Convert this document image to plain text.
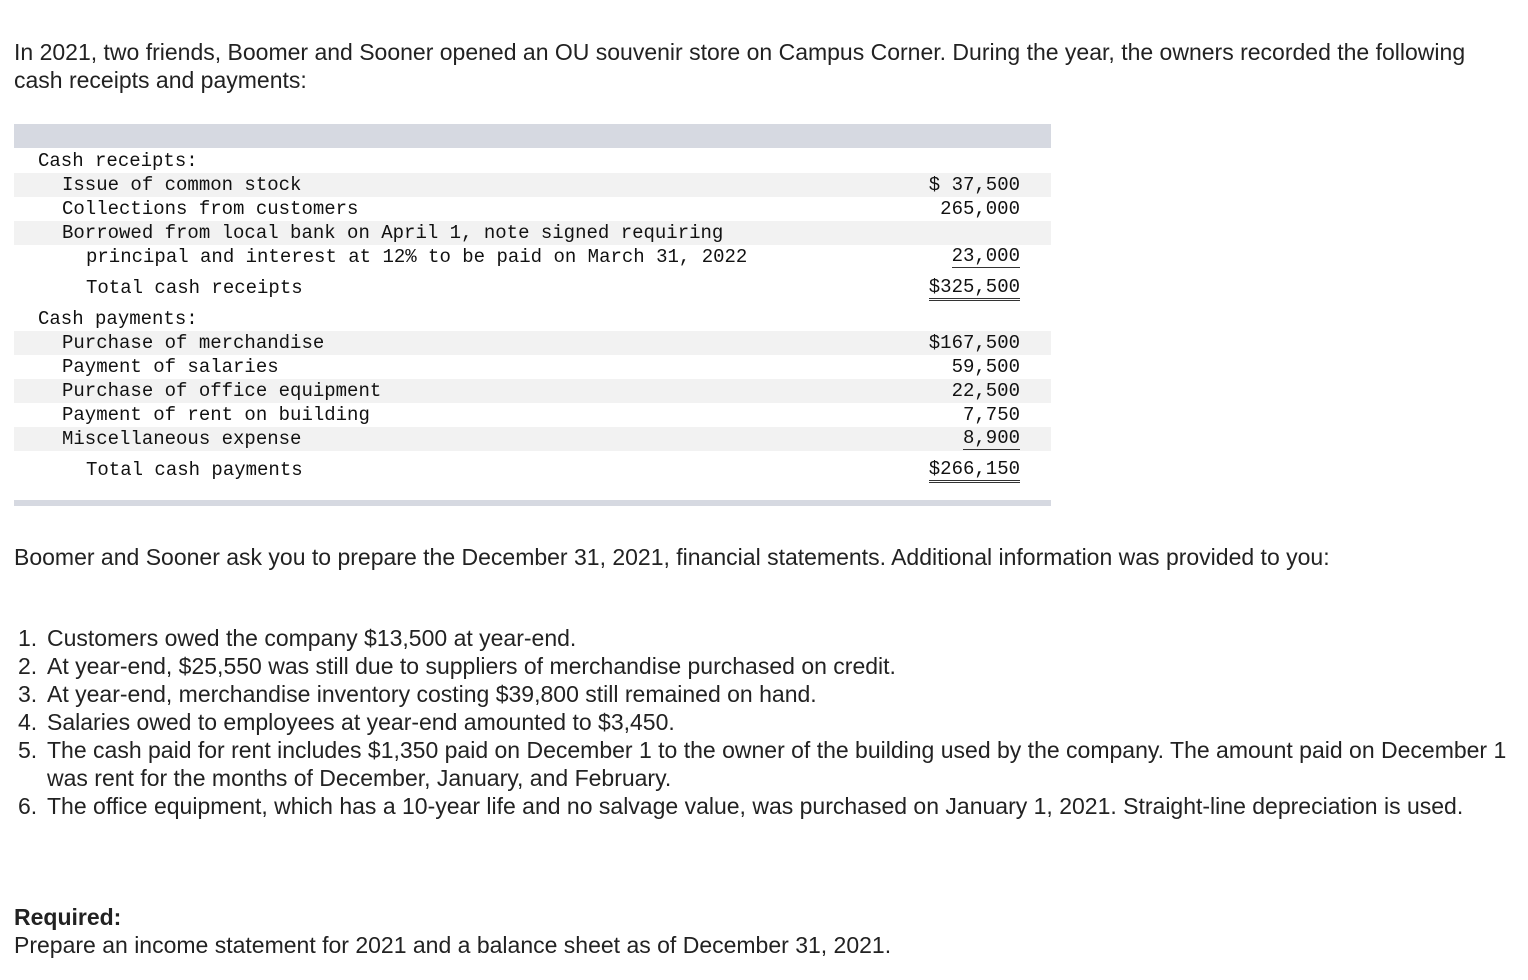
In 2021, two friends, Boomer and Sooner opened an OU souvenir store on Campus Corner. During the year, the owners recorded the following cash receipts and payments:
Cash receipts:
Issue of common stock	$ 37,500
Collections from customers	265,000
Borrowed from local bank on April 1, note signed requiring
principal and interest at 12% to be paid on March 31, 2022	23,000
Total cash receipts	$325,500
Cash payments:
Purchase of merchandise	$167,500
Payment of salaries	59,500
Purchase of office equipment	22,500
Payment of rent on building	7,750
Miscellaneous expense	8,900
Total cash payments	$266,150
Boomer and Sooner ask you to prepare the December 31, 2021, financial statements. Additional information was provided to you:
1. Customers owed the company $13,500 at year-end.
2. At year-end, $25,550 was still due to suppliers of merchandise purchased on credit.
3. At year-end, merchandise inventory costing $39,800 still remained on hand.
4. Salaries owed to employees at year-end amounted to $3,450.
5. The cash paid for rent includes $1,350 paid on December 1 to the owner of the building used by the company. The amount paid on December 1 was rent for the months of December, January, and February.
6. The office equipment, which has a 10-year life and no salvage value, was purchased on January 1, 2021. Straight-line depreciation is used.
Required:
Prepare an income statement for 2021 and a balance sheet as of December 31, 2021.
